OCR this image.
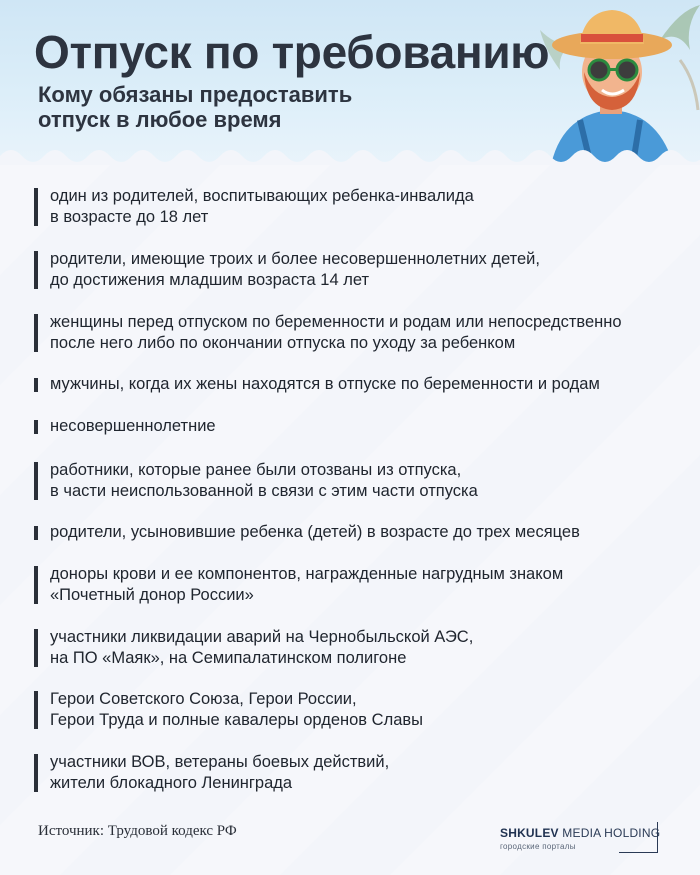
Отпуск по требованию
Кому обязаны предоставить отпуск в любое время
один из родителей, воспитывающих ребенка-инвалида
в возрасте до 18 лет
родители, имеющие троих и более несовершеннолетних детей,
до достижения младшим возраста 14 лет
женщины перед отпуском по беременности и родам или непосредственно
после него либо по окончании отпуска по уходу за ребенком
мужчины, когда их жены находятся в отпуске по беременности и родам
несовершеннолетние
работники, которые ранее были отозваны из отпуска,
в части неиспользованной в связи с этим части отпуска
родители, усыновившие ребенка (детей) в возрасте до трех месяцев
доноры крови и ее компонентов, награжденные нагрудным знаком
«Почетный донор России»
участники ликвидации аварий на Чернобыльской АЭС,
на ПО «Маяк», на Семипалатинском полигоне
Герои Советского Союза, Герои России,
Герои Труда и полные кавалеры орденов Славы
участники ВОВ, ветераны боевых действий,
жители блокадного Ленинграда
Источник: Трудовой кодекс РФ	SHKULEV MEDIA HOLDING
городские порталы
